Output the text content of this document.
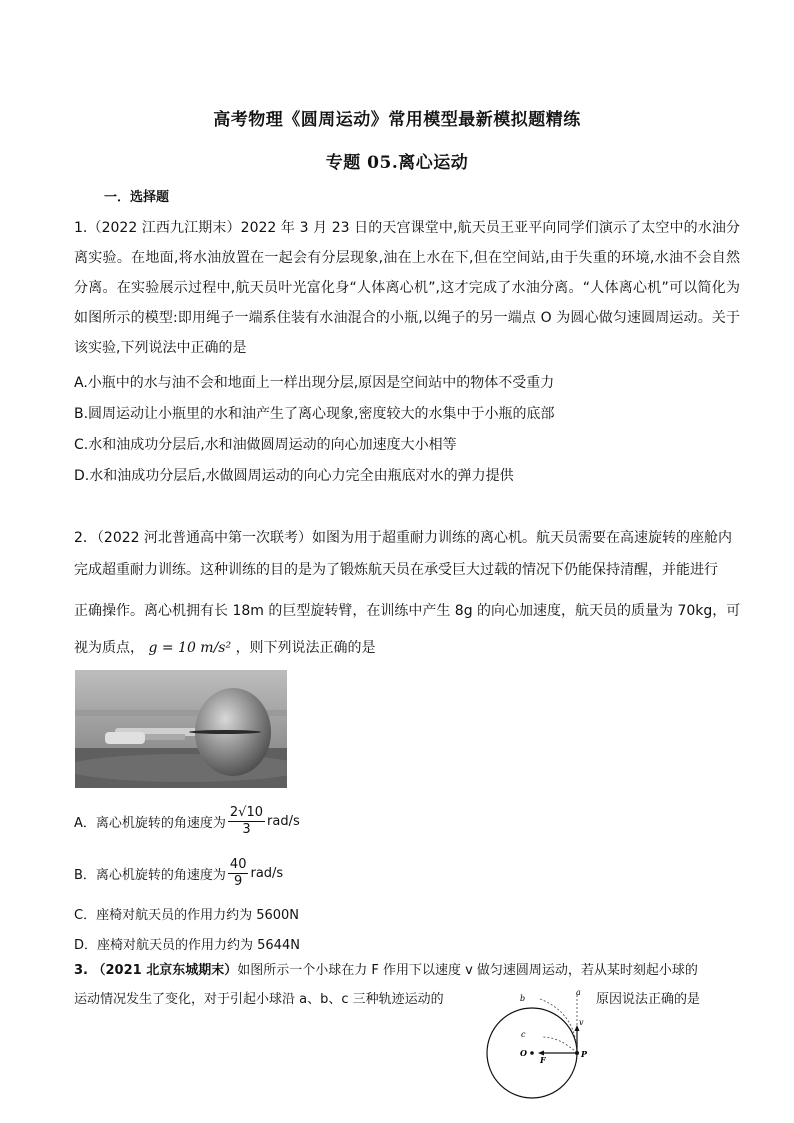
高考物理《圆周运动》常用模型最新模拟题精练
专题 05.离心运动
一．选择题
1.（2022 江西九江期末）2022 年 3 月 23 日的天宫课堂中,航天员王亚平向同学们演示了太空中的水油分离实验。在地面,将水油放置在一起会有分层现象,油在上水在下,但在空间站,由于失重的环境,水油不会自然分离。在实验展示过程中,航天员叶光富化身“人体离心机”,这才完成了水油分离。“人体离心机”可以简化为如图所示的模型:即用绳子一端系住装有水油混合的小瓶,以绳子的另一端点 O 为圆心做匀速圆周运动。关于该实验,下列说法中正确的是
A.小瓶中的水与油不会和地面上一样出现分层,原因是空间站中的物体不受重力
B.圆周运动让小瓶里的水和油产生了离心现象,密度较大的水集中于小瓶的底部
C.水和油成功分层后,水和油做圆周运动的向心加速度大小相等
D.水和油成功分层后,水做圆周运动的向心力完全由瓶底对水的弹力提供
2．（2022 河北普通高中第一次联考）如图为用于超重耐力训练的离心机。航天员需要在高速旋转的座舱内
完成超重耐力训练。这种训练的目的是为了锻炼航天员在承受巨大过载的情况下仍能保持清醒，并能进行
正确操作。离心机拥有长 18m 的巨型旋转臂，在训练中产生 8g 的向心加速度，航天员的质量为 70kg，可
视为质点， g = 10 m/s² ，则下列说法正确的是
A．离心机旋转的角速度为 $\frac{2√10}{3} rad/s$
B．离心机旋转的角速度为 $\frac{40}{9} rad/s$
C．座椅对航天员的作用力约为 5600N
D．座椅对航天员的作用力约为 5644N
3. （2021 北京东城期末）如图所示一个小球在力 F 作用下以速度 v 做匀速圆周运动，若从某时刻起小球的
运动情况发生了变化，对于引起小球沿 a、b、c 三种轨迹运动的	原因说法正确的是
a
b
c
v
O
F
P
